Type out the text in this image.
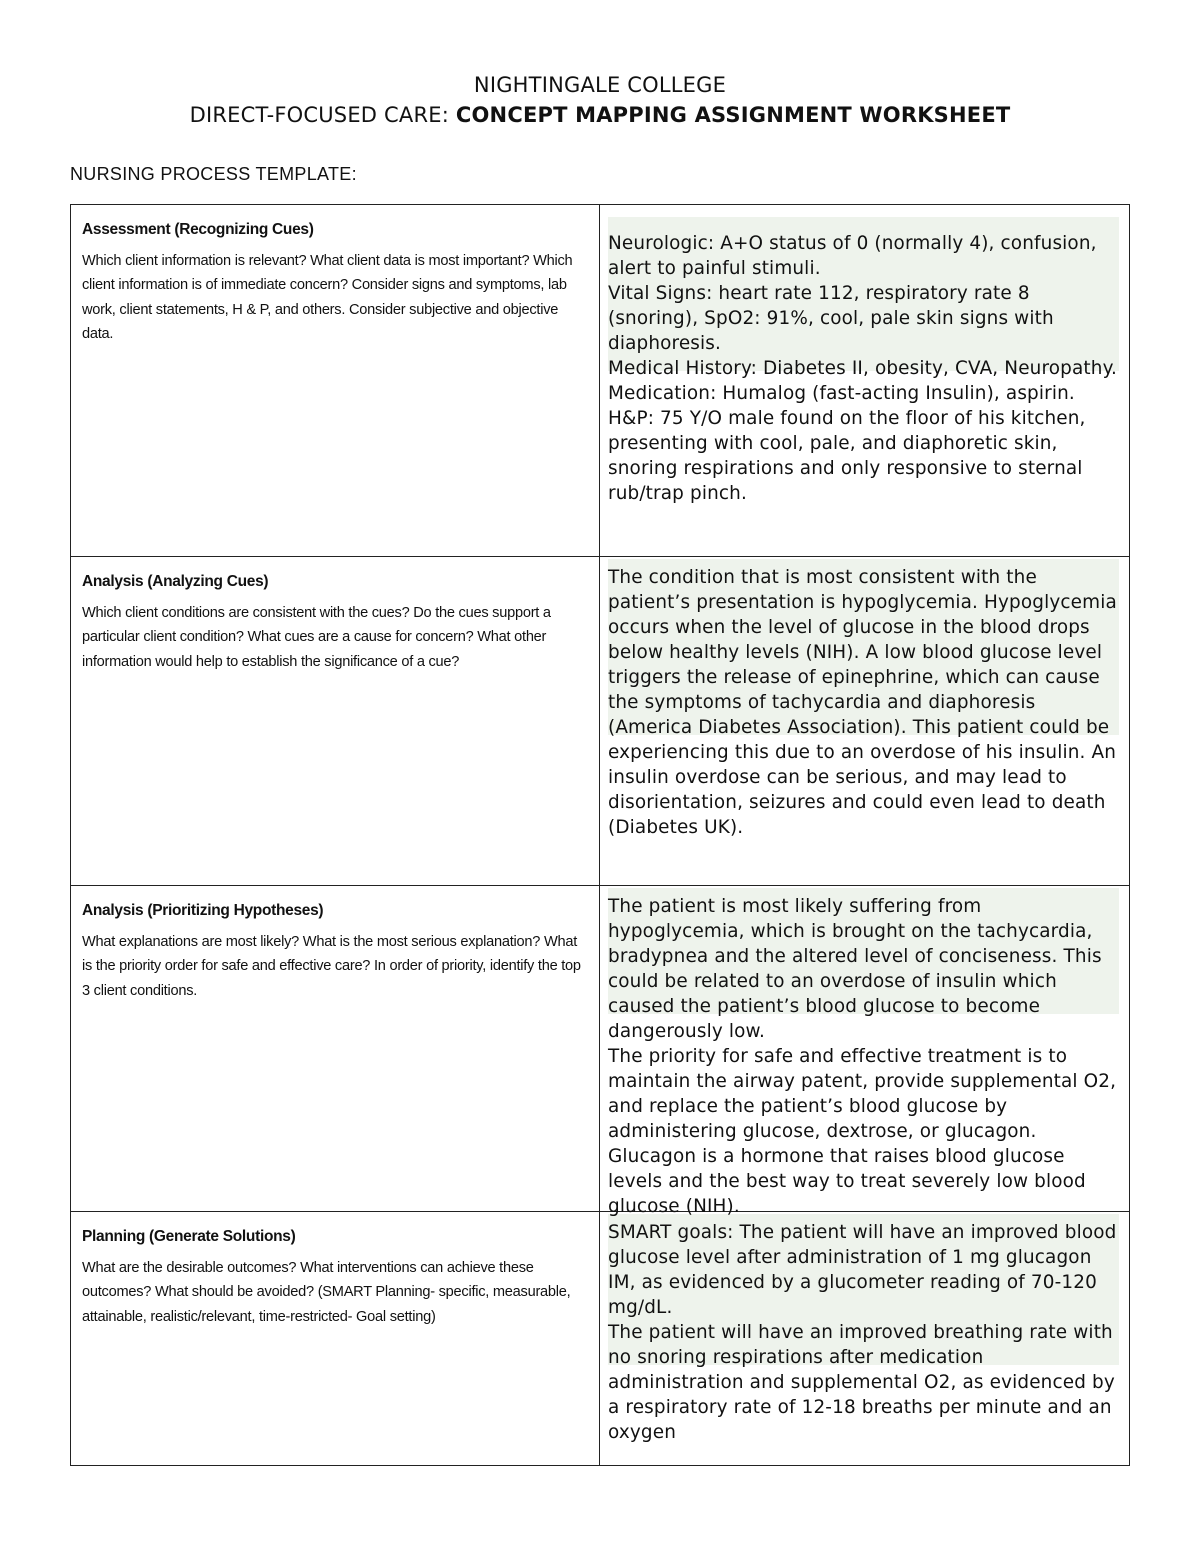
NIGHTINGALE COLLEGE
DIRECT-FOCUSED CARE: CONCEPT MAPPING ASSIGNMENT WORKSHEET
NURSING PROCESS TEMPLATE:
Assessment (Recognizing Cues)
Which client information is relevant? What client data is most important? Which client information is of immediate concern? Consider signs and symptoms, lab work, client statements, H & P, and others. Consider subjective and objective data.

Neurologic: A+O status of 0 (normally 4), confusion, alert to painful stimuli.

Vital Signs: heart rate 112, respiratory rate 8 (snoring), SpO2: 91%, cool, pale skin signs with diaphoresis.

Medical History: Diabetes II, obesity, CVA, Neuropathy.

Medication: Humalog (fast-acting Insulin), aspirin.

H&P: 75 Y/O male found on the floor of his kitchen, presenting with cool, pale, and diaphoretic skin, snoring respirations and only responsive to sternal rub/trap pinch.

Analysis (Analyzing Cues)
Which client conditions are consistent with the cues? Do the cues support a particular client condition? What cues are a cause for concern? What other information would help to establish the significance of a cue?

The condition that is most consistent with the patient’s presentation is hypoglycemia. Hypoglycemia occurs when the level of glucose in the blood drops below healthy levels (NIH). A low blood glucose level triggers the release of epinephrine, which can cause the symptoms of tachycardia and diaphoresis (America Diabetes Association). This patient could be experiencing this due to an overdose of his insulin. An insulin overdose can be serious, and may lead to disorientation, seizures and could even lead to death (Diabetes UK).

Analysis (Prioritizing Hypotheses)
What explanations are most likely? What is the most serious explanation? What is the priority order for safe and effective care? In order of priority, identify the top 3 client conditions.

The patient is most likely suffering from hypoglycemia, which is brought on the tachycardia, bradypnea and the altered level of conciseness. This could be related to an overdose of insulin which caused the patient’s blood glucose to become dangerously low.

The priority for safe and effective treatment is to maintain the airway patent, provide supplemental O2, and replace the patient’s blood glucose by administering glucose, dextrose, or glucagon. Glucagon is a hormone that raises blood glucose levels and the best way to treat severely low blood glucose (NIH).

Planning (Generate Solutions)
What are the desirable outcomes? What interventions can achieve these outcomes? What should be avoided? (SMART Planning- specific, measurable, attainable, realistic/relevant, time-restricted- Goal setting)

SMART goals: The patient will have an improved blood glucose level after administration of 1 mg glucagon IM, as evidenced by a glucometer reading of 70-120 mg/dL.

The patient will have an improved breathing rate with no snoring respirations after medication administration and supplemental O2, as evidenced by a respiratory rate of 12-18 breaths per minute and an oxygen
